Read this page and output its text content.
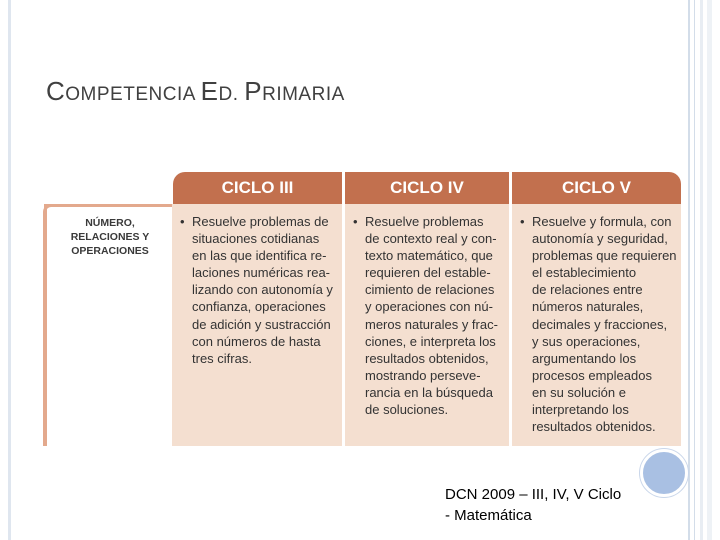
COMPETENCIA ED. PRIMARIA
CICLO III	CICLO IV	CICLO V
NÚMERO,
RELACIONES Y
OPERACIONES
• Resuelve problemas de
situaciones cotidianas
en las que identifica re-
laciones numéricas rea-
lizando con autonomía y
confianza, operaciones
de adición y sustracción
con números de hasta
tres cifras.
• Resuelve problemas
de contexto real y con-
texto matemático, que
requieren del estable-
cimiento de relaciones
y operaciones con nú-
meros naturales y frac-
ciones, e interpreta los
resultados obtenidos,
mostrando perseve-
rancia en la búsqueda
de soluciones.
• Resuelve y formula, con
autonomía y seguridad,
problemas que requieren
el establecimiento
de relaciones entre
números naturales,
decimales y fracciones,
y sus operaciones,
argumentando los
procesos empleados
en su solución e
interpretando los
resultados obtenidos.

DCN 2009 – III, IV, V Ciclo
- Matemática
